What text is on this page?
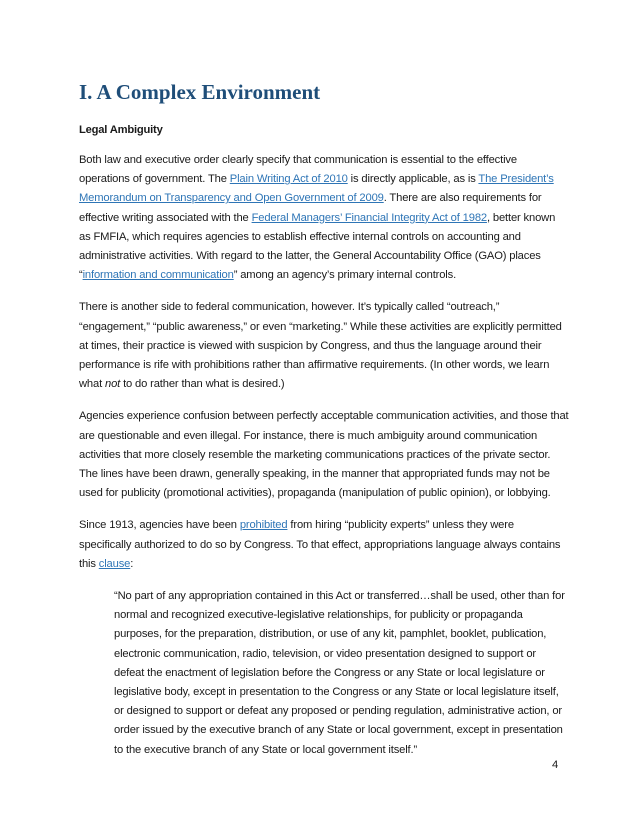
I. A Complex Environment
Legal Ambiguity

Both law and executive order clearly specify that communication is essential to the effective operations of government. The Plain Writing Act of 2010 is directly applicable, as is The President’s Memorandum on Transparency and Open Government of 2009. There are also requirements for effective writing associated with the Federal Managers’ Financial Integrity Act of 1982, better known as FMFIA, which requires agencies to establish effective internal controls on accounting and administrative activities. With regard to the latter, the General Accountability Office (GAO) places “information and communication” among an agency’s primary internal controls.

There is another side to federal communication, however. It’s typically called “outreach,” “engagement,” “public awareness,” or even “marketing.” While these activities are explicitly permitted at times, their practice is viewed with suspicion by Congress, and thus the language around their performance is rife with prohibitions rather than affirmative requirements. (In other words, we learn what not to do rather than what is desired.)

Agencies experience confusion between perfectly acceptable communication activities, and those that are questionable and even illegal. For instance, there is much ambiguity around communication activities that more closely resemble the marketing communications practices of the private sector. The lines have been drawn, generally speaking, in the manner that appropriated funds may not be used for publicity (promotional activities), propaganda (manipulation of public opinion), or lobbying.

Since 1913, agencies have been prohibited from hiring “publicity experts” unless they were specifically authorized to do so by Congress. To that effect, appropriations language always contains this clause:

“No part of any appropriation contained in this Act or transferred…shall be used, other than for normal and recognized executive-legislative relationships, for publicity or propaganda purposes, for the preparation, distribution, or use of any kit, pamphlet, booklet, publication, electronic communication, radio, television, or video presentation designed to support or defeat the enactment of legislation before the Congress or any State or local legislature or legislative body, except in presentation to the Congress or any State or local legislature itself, or designed to support or defeat any proposed or pending regulation, administrative action, or order issued by the executive branch of any State or local government, except in presentation to the executive branch of any State or local government itself.”

4
